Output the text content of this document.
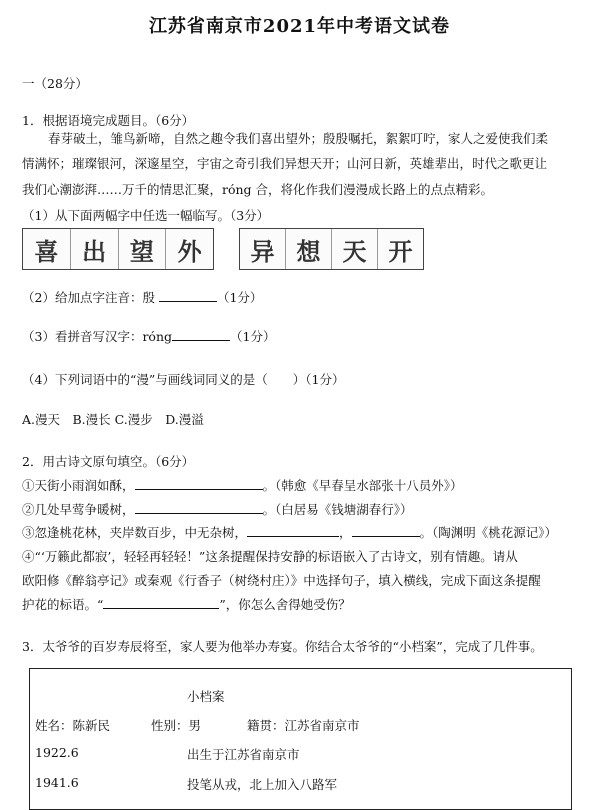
江苏省南京市2021年中考语文试卷
一（28分）
1．根据语境完成题目。（6分）
春芽破土，雏鸟新啼，自然之趣令我们喜出望外；殷殷嘱托，絮絮叮咛，家人之爱使我们柔
情满怀；璀璨银河，深邃星空，宇宙之奇引我们异想天开；山河日新，英雄辈出，时代之歌更让
我们心潮澎湃……万千的情思汇聚，róng 合，将化作我们漫漫成长路上的点点精彩。
（1）从下面两幅字中任选一幅临写。（3分）
喜 出 望 外	异 想 天 开
（2）给加点字注音：殷	（1分）
（3）看拼音写汉字：róng	（1分）
（4）下列词语中的“漫”与画线词同义的是（　　）（1分）
A.漫天　B.漫长 C.漫步　D.漫溢
2．用古诗文原句填空。（6分）
①天街小雨润如酥，	。（韩愈《早春呈水部张十八员外》）
②几处早莺争暖树，	。（白居易《钱塘湖春行》）
③忽逢桃花林，夹岸数百步，中无杂树，	，	。（陶渊明《桃花源记》）
④“‘万籁此都寂’，轻轻再轻轻！”这条提醒保持安静的标语嵌入了古诗文，别有情趣。请从
欧阳修《醉翁亭记》或秦观《行香子（树绕村庄）》中选择句子，填入横线，完成下面这条提醒
护花的标语。“	”，你怎么舍得她受伤？
3．太爷爷的百岁寿辰将至，家人要为他举办寿宴。你结合太爷爷的“小档案”，完成了几件事。
小档案
姓名：陈新民	性别：男	籍贯：江苏省南京市
1922.6	出生于江苏省南京市
1941.6	投笔从戎，北上加入八路军
